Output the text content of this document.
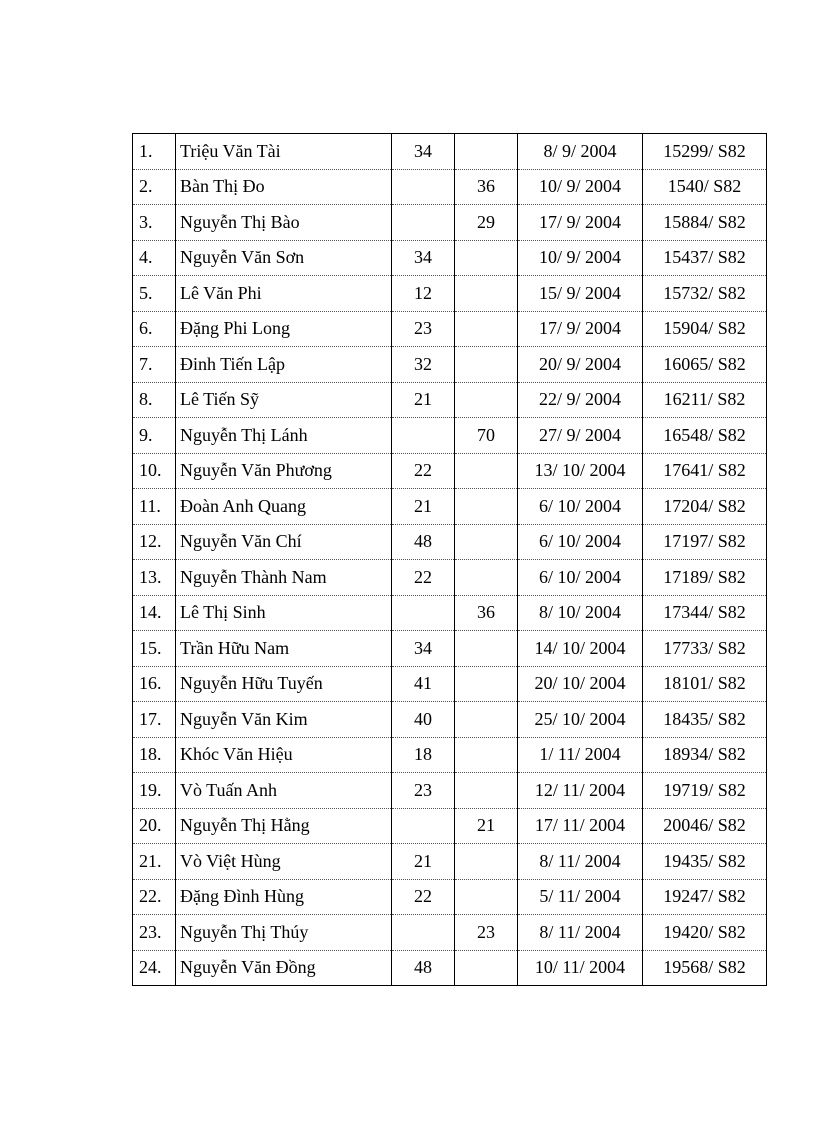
1.	Triệu Văn Tài	34		8/ 9/ 2004	15299/ S82
2.	Bàn Thị Đo		36	10/ 9/ 2004	1540/ S82
3.	Nguyễn Thị Bào		29	17/ 9/ 2004	15884/ S82
4.	Nguyễn Văn Sơn	34		10/ 9/ 2004	15437/ S82
5.	Lê Văn Phi	12		15/ 9/ 2004	15732/ S82
6.	Đặng Phi Long	23		17/ 9/ 2004	15904/ S82
7.	Đinh Tiến Lập	32		20/ 9/ 2004	16065/ S82
8.	Lê Tiến Sỹ	21		22/ 9/ 2004	16211/ S82
9.	Nguyễn Thị Lánh		70	27/ 9/ 2004	16548/ S82
10.	Nguyễn Văn Phương	22		13/ 10/ 2004	17641/ S82
11.	Đoàn Anh Quang	21		6/ 10/ 2004	17204/ S82
12.	Nguyễn Văn Chí	48		6/ 10/ 2004	17197/ S82
13.	Nguyễn Thành Nam	22		6/ 10/ 2004	17189/ S82
14.	Lê Thị Sinh		36	8/ 10/ 2004	17344/ S82
15.	Trần Hữu Nam	34		14/ 10/ 2004	17733/ S82
16.	Nguyễn Hữu Tuyến	41		20/ 10/ 2004	18101/ S82
17.	Nguyễn Văn Kim	40		25/ 10/ 2004	18435/ S82
18.	Khóc Văn Hiệu	18		1/ 11/ 2004	18934/ S82
19.	Vò Tuấn Anh	23		12/ 11/ 2004	19719/ S82
20.	Nguyễn Thị Hằng		21	17/ 11/ 2004	20046/ S82
21.	Vò Việt Hùng	21		8/ 11/ 2004	19435/ S82
22.	Đặng Đình Hùng	22		5/ 11/ 2004	19247/ S82
23.	Nguyễn Thị Thúy		23	8/ 11/ 2004	19420/ S82
24.	Nguyễn Văn Đồng	48		10/ 11/ 2004	19568/ S82
